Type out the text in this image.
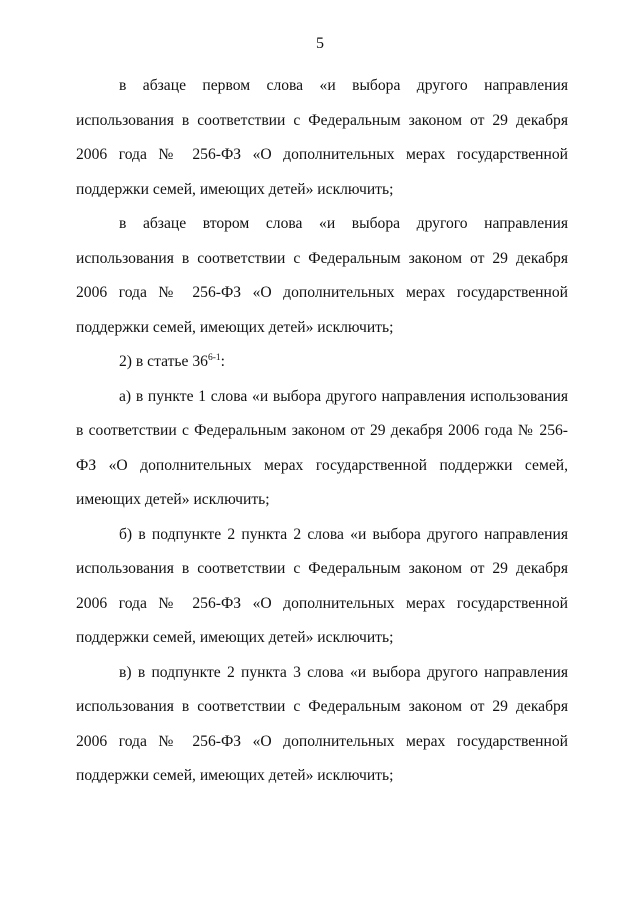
5

в абзаце первом слова «и выбора другого направления использования в соответствии с Федеральным законом от 29 декабря 2006 года № 256-ФЗ «О дополнительных мерах государственной поддержки семей, имеющих детей» исключить;

в абзаце втором слова «и выбора другого направления использования в соответствии с Федеральным законом от 29 декабря 2006 года № 256-ФЗ «О дополнительных мерах государственной поддержки семей, имеющих детей» исключить;

2) в статье 36$^{6-1}$:

а) в пункте 1 слова «и выбора другого направления использования в соответствии с Федеральным законом от 29 декабря 2006 года № 256-ФЗ «О дополнительных мерах государственной поддержки семей, имеющих детей» исключить;

б) в подпункте 2 пункта 2 слова «и выбора другого направления использования в соответствии с Федеральным законом от 29 декабря 2006 года № 256-ФЗ «О дополнительных мерах государственной поддержки семей, имеющих детей» исключить;

в) в подпункте 2 пункта 3 слова «и выбора другого направления использования в соответствии с Федеральным законом от 29 декабря 2006 года № 256-ФЗ «О дополнительных мерах государственной поддержки семей, имеющих детей» исключить;
